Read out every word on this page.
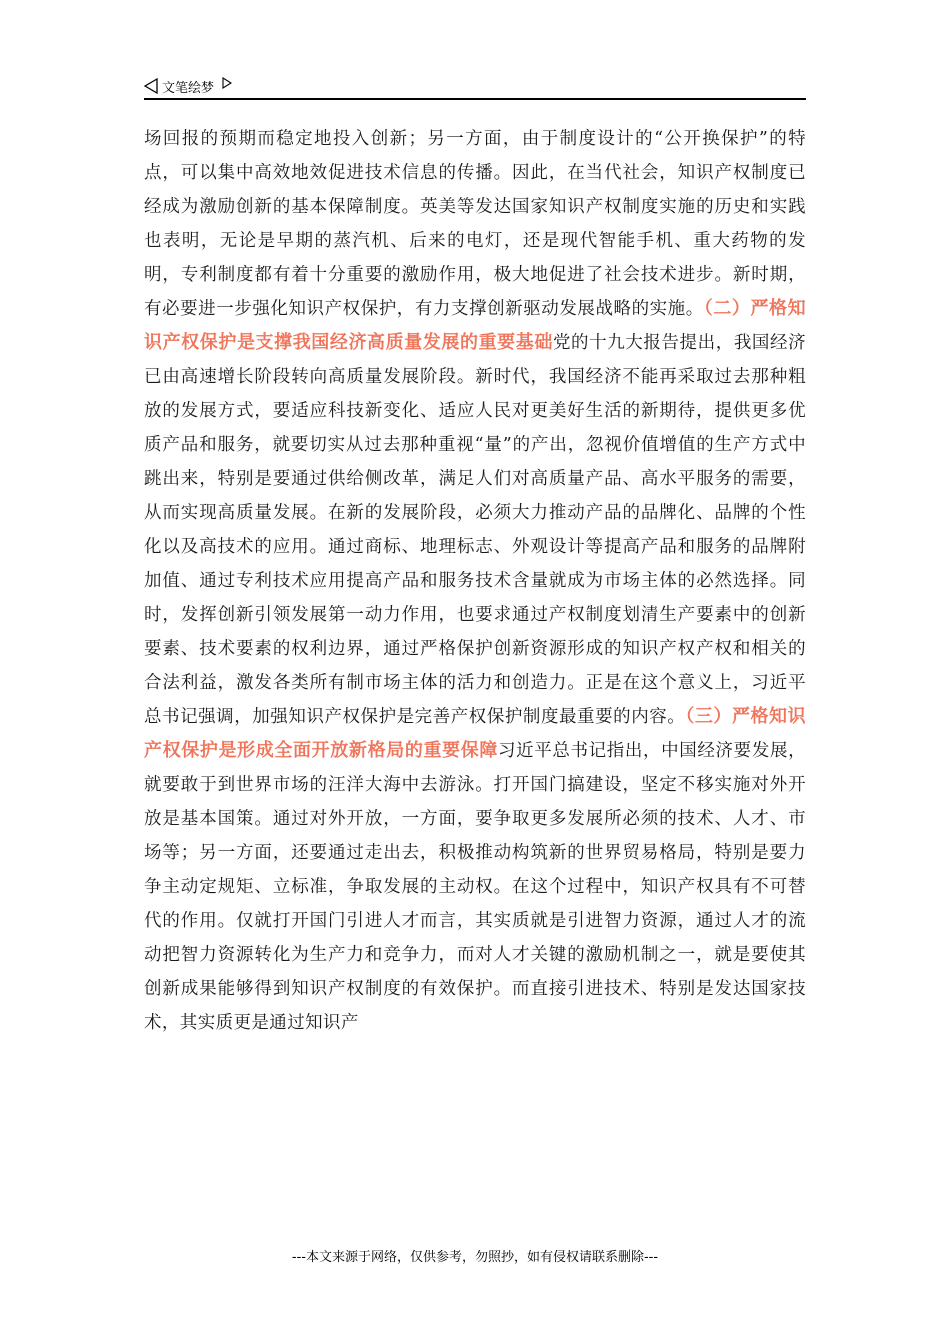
文笔绘梦
场回报的预期而稳定地投入创新；另一方面，由于制度设计的“公开换保护”的特点，可以集中高效地效促进技术信息的传播。因此，在当代社会，知识产权制度已经成为激励创新的基本保障制度。英美等发达国家知识产权制度实施的历史和实践也表明，无论是早期的蒸汽机、后来的电灯，还是现代智能手机、重大药物的发明，专利制度都有着十分重要的激励作用，极大地促进了社会技术进步。新时期，有必要进一步强化知识产权保护，有力支撑创新驱动发展战略的实施。（二）严格知识产权保护是支撑我国经济高质量发展的重要基础党的十九大报告提出，我国经济已由高速增长阶段转向高质量发展阶段。新时代，我国经济不能再采取过去那种粗放的发展方式，要适应科技新变化、适应人民对更美好生活的新期待，提供更多优质产品和服务，就要切实从过去那种重视“量”的产出，忽视价值增值的生产方式中跳出来，特别是要通过供给侧改革，满足人们对高质量产品、高水平服务的需要，从而实现高质量发展。在新的发展阶段，必须大力推动产品的品牌化、品牌的个性化以及高技术的应用。通过商标、地理标志、外观设计等提高产品和服务的品牌附加值、通过专利技术应用提高产品和服务技术含量就成为市场主体的必然选择。同时，发挥创新引领发展第一动力作用，也要求通过产权制度划清生产要素中的创新要素、技术要素的权利边界，通过严格保护创新资源形成的知识产权产权和相关的合法利益，激发各类所有制市场主体的活力和创造力。正是在这个意义上，习近平总书记强调，加强知识产权保护是完善产权保护制度最重要的内容。（三）严格知识产权保护是形成全面开放新格局的重要保障习近平总书记指出，中国经济要发展，就要敢于到世界市场的汪洋大海中去游泳。打开国门搞建设，坚定不移实施对外开放是基本国策。通过对外开放，一方面，要争取更多发展所必须的技术、人才、市场等；另一方面，还要通过走出去，积极推动构筑新的世界贸易格局，特别是要力争主动定规矩、立标准，争取发展的主动权。在这个过程中，知识产权具有不可替代的作用。仅就打开国门引进人才而言，其实质就是引进智力资源，通过人才的流动把智力资源转化为生产力和竞争力，而对人才关键的激励机制之一，就是要使其创新成果能够得到知识产权制度的有效保护。而直接引进技术、特别是发达国家技术，其实质更是通过知识产
---本文来源于网络，仅供参考，勿照抄，如有侵权请联系删除---
